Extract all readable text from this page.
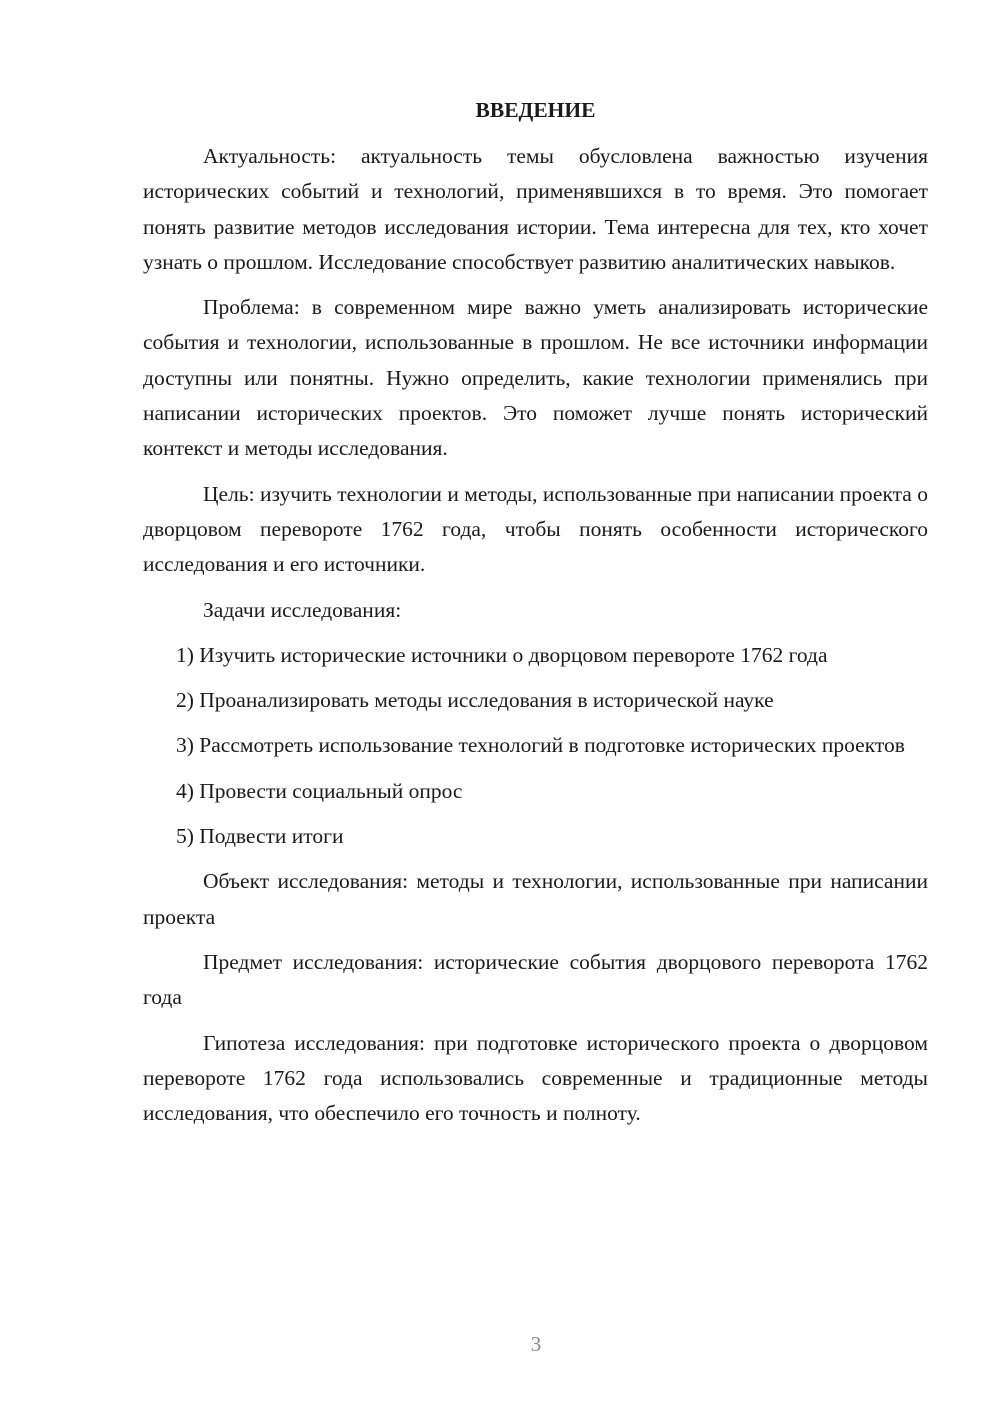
ВВЕДЕНИЕ

Актуальность: актуальность темы обусловлена важностью изучения исторических событий и технологий, применявшихся в то время. Это помогает понять развитие методов исследования истории. Тема интересна для тех, кто хочет узнать о прошлом. Исследование способствует развитию аналитических навыков.

Проблема: в современном мире важно уметь анализировать исторические события и технологии, использованные в прошлом. Не все источники информации доступны или понятны. Нужно определить, какие технологии применялись при написании исторических проектов. Это поможет лучше понять исторический контекст и методы исследования.

Цель: изучить технологии и методы, использованные при написании проекта о дворцовом перевороте 1762 года, чтобы понять особенности исторического исследования и его источники.

Задачи исследования:

1) Изучить исторические источники о дворцовом перевороте 1762 года

2) Проанализировать методы исследования в исторической науке

3) Рассмотреть использование технологий в подготовке исторических проектов

4) Провести социальный опрос

5) Подвести итоги

Объект исследования: методы и технологии, использованные при написании проекта

Предмет исследования: исторические события дворцового переворота 1762 года

Гипотеза исследования: при подготовке исторического проекта о дворцовом перевороте 1762 года использовались современные и традиционные методы исследования, что обеспечило его точность и полноту.

3
